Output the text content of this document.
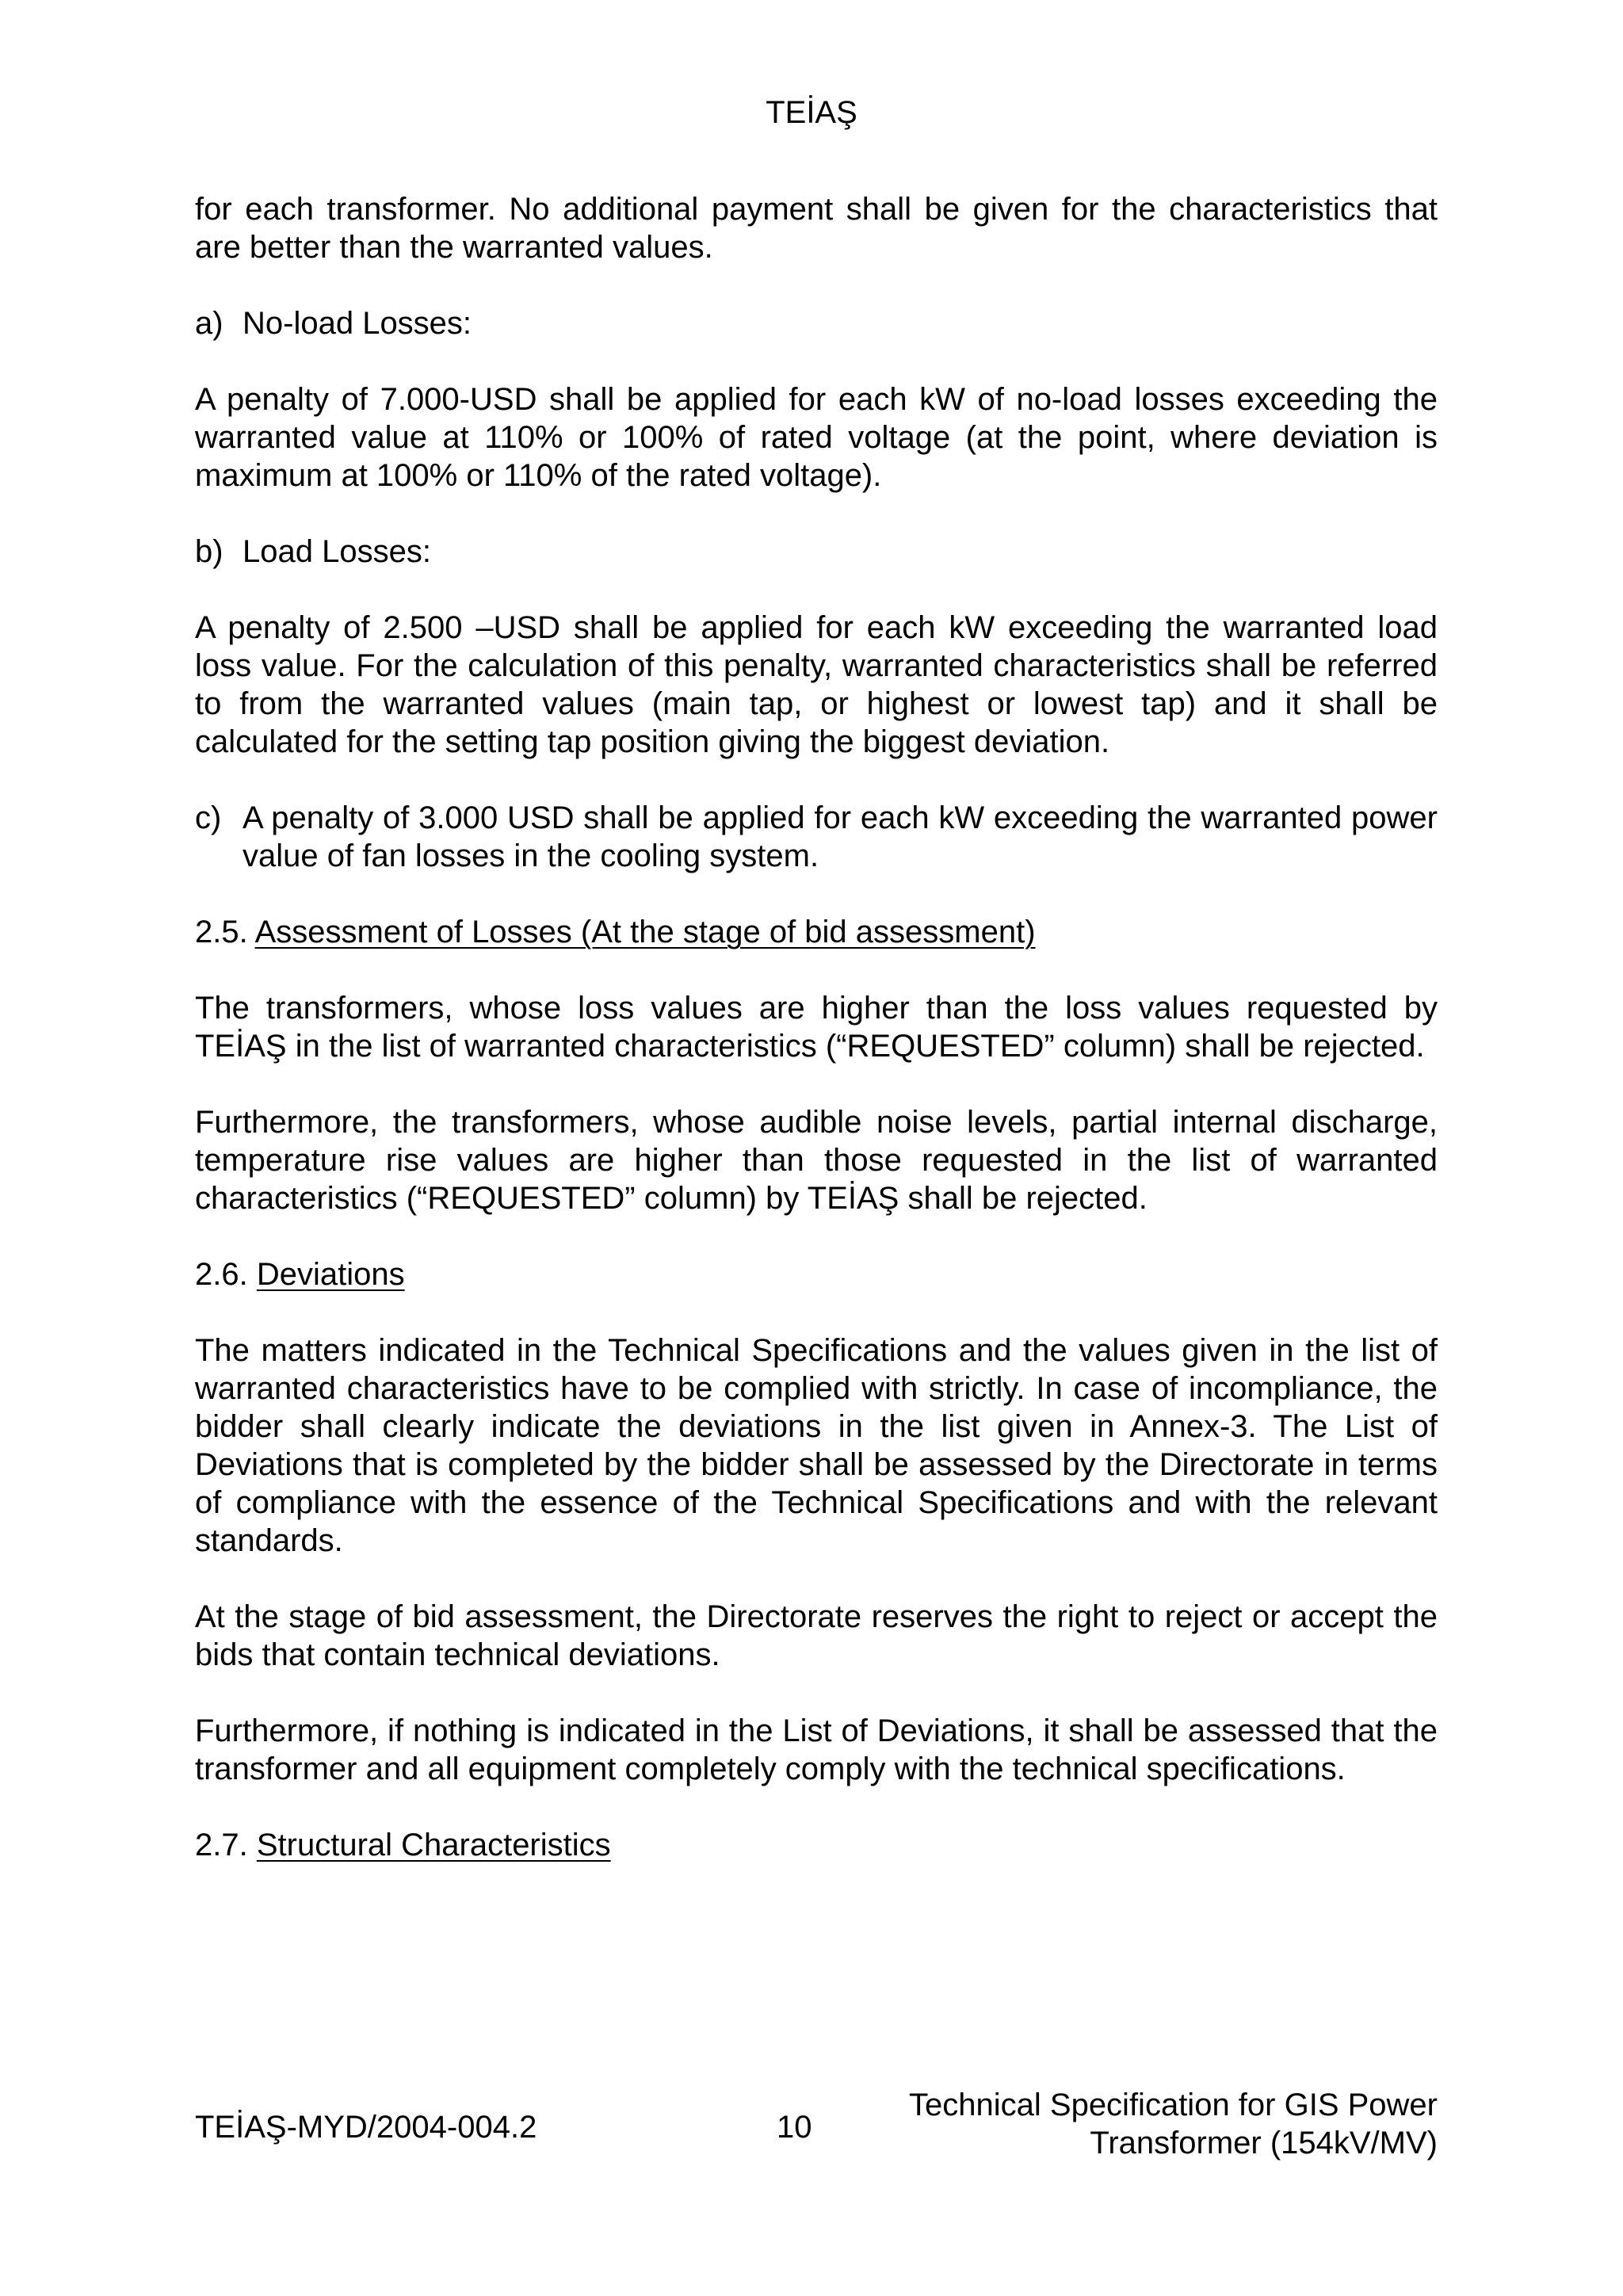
TEİAŞ

for each transformer. No additional payment shall be given for the characteristics that are better than the warranted values.

a) No-load Losses:

A penalty of 7.000-USD shall be applied for each kW of no-load losses exceeding the warranted value at 110% or 100% of rated voltage (at the point, where deviation is maximum at 100% or 110% of the rated voltage).

b) Load Losses:

A penalty of 2.500 –USD shall be applied for each kW exceeding the warranted load loss value. For the calculation of this penalty, warranted characteristics shall be referred to from the warranted values (main tap, or highest or lowest tap) and it shall be calculated for the setting tap position giving the biggest deviation.

c) A penalty of 3.000 USD shall be applied for each kW exceeding the warranted power value of fan losses in the cooling system.

2.5. Assessment of Losses (At the stage of bid assessment)

The transformers, whose loss values are higher than the loss values requested by TEİAŞ in the list of warranted characteristics (“REQUESTED” column) shall be rejected.

Furthermore, the transformers, whose audible noise levels, partial internal discharge, temperature rise values are higher than those requested in the list of warranted characteristics (“REQUESTED” column) by TEİAŞ shall be rejected.

2.6. Deviations

The matters indicated in the Technical Specifications and the values given in the list of warranted characteristics have to be complied with strictly. In case of incompliance, the bidder shall clearly indicate the deviations in the list given in Annex-3. The List of Deviations that is completed by the bidder shall be assessed by the Directorate in terms of compliance with the essence of the Technical Specifications and with the relevant standards.

At the stage of bid assessment, the Directorate reserves the right to reject or accept the bids that contain technical deviations.

Furthermore, if nothing is indicated in the List of Deviations, it shall be assessed that the transformer and all equipment completely comply with the technical specifications.

2.7. Structural Characteristics

TEİAŞ-MYD/2004-004.2	10
Technical Specification for GIS Power
Transformer (154kV/MV)
